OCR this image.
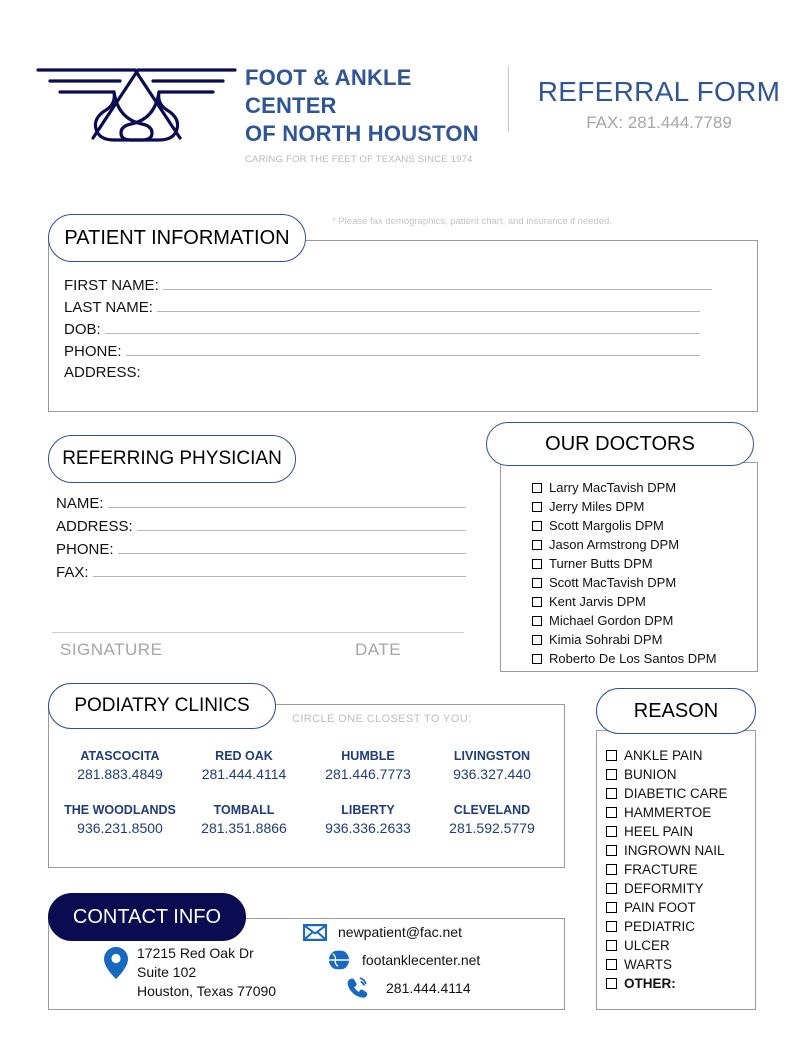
FOOT & ANKLE CENTER
OF NORTH HOUSTON
CARING FOR THE FEET OF TEXANS SINCE 1974
REFERRAL FORM
FAX: 281.444.7789
* Please fax demographics, patient chart, and insurance if needed.
PATIENT INFORMATION
FIRST NAME:
LAST NAME:
DOB:
PHONE:
ADDRESS:
REFERRING PHYSICIAN
NAME:
ADDRESS:
PHONE:
FAX:
SIGNATURE	DATE
OUR DOCTORS
Larry MacTavish DPM
Jerry Miles DPM
Scott Margolis DPM
Jason Armstrong DPM
Turner Butts DPM
Scott MacTavish DPM
Kent Jarvis DPM
Michael Gordon DPM
Kimia Sohrabi DPM
Roberto De Los Santos DPM
PODIATRY CLINICS
CIRCLE ONE CLOSEST TO YOU:
ATASCOCITA
281.883.4849
RED OAK
281.444.4114
HUMBLE
281.446.7773
LIVINGSTON
936.327.440
THE WOODLANDS
936.231.8500
TOMBALL
281.351.8866
LIBERTY
936.336.2633
CLEVELAND
281.592.5779
CONTACT INFO
17215 Red Oak Dr
Suite 102
Houston, Texas 77090
newpatient@fac.net
footanklecenter.net
281.444.4114
REASON
ANKLE PAIN
BUNION
DIABETIC CARE
HAMMERTOE
HEEL PAIN
INGROWN NAIL
FRACTURE
DEFORMITY
PAIN FOOT
PEDIATRIC
ULCER
WARTS
OTHER:
